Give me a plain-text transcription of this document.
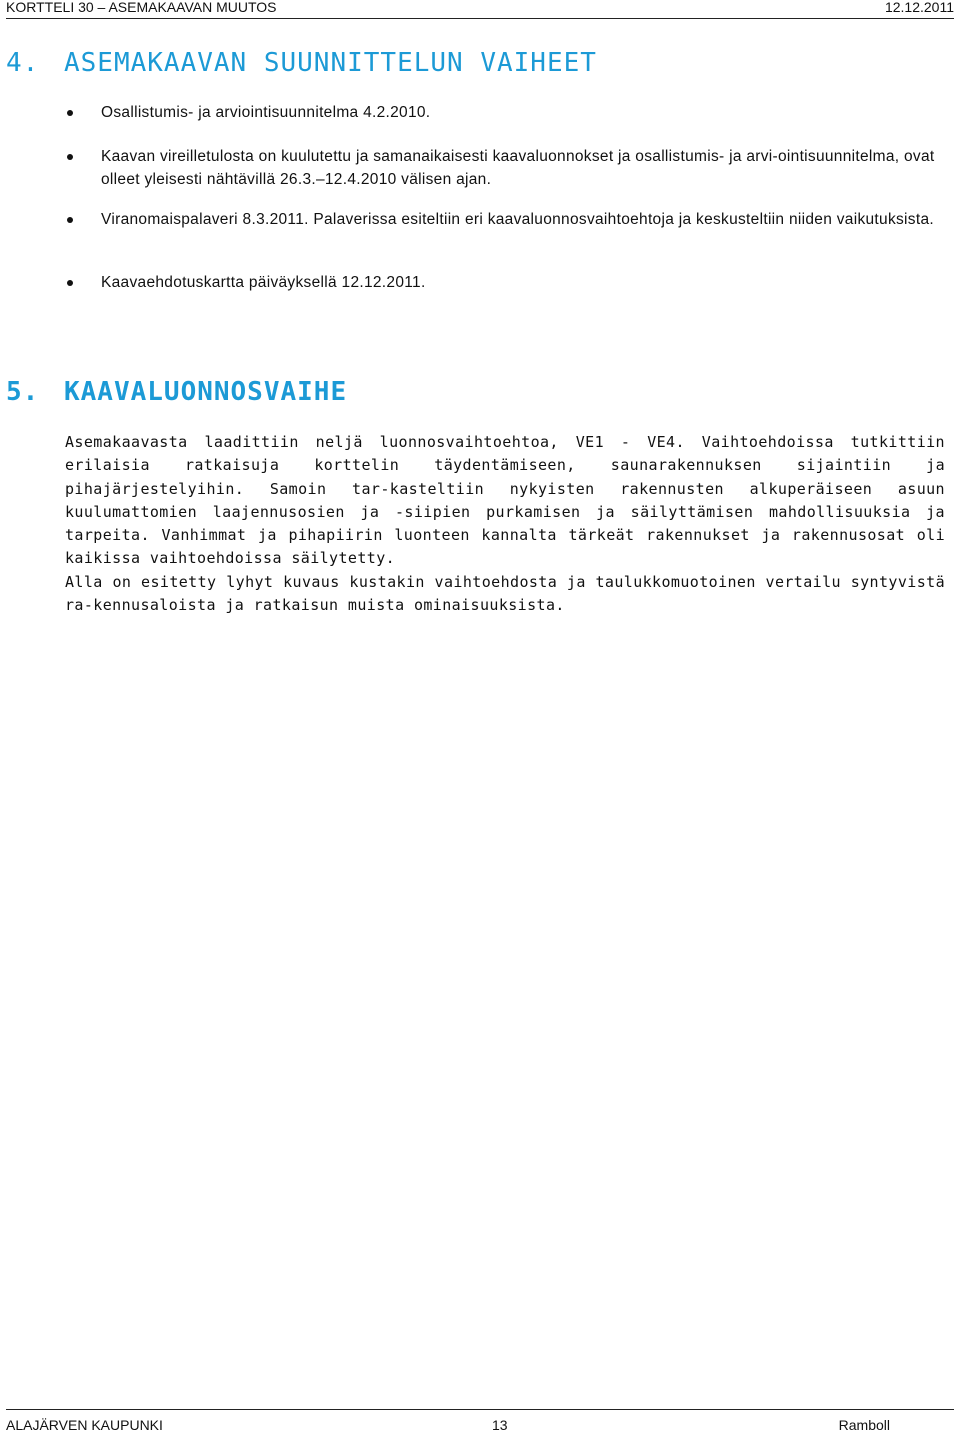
KORTTELI 30 – ASEMAKAAVAN MUUTOS	12.12.2011
4. ASEMAKAAVAN SUUNNITTELUN VAIHEET
Osallistumis- ja arviointisuunnitelma 4.2.2010.
Kaavan vireilletulosta on kuulutettu ja samanaikaisesti kaavaluonnokset ja osallistumis- ja arvi-ointisuunnitelma, ovat olleet yleisesti nähtävillä 26.3.–12.4.2010 välisen ajan.
Viranomaispalaveri 8.3.2011. Palaverissa esiteltiin eri kaavaluonnosvaihtoehtoja ja keskusteltiin niiden vaikutuksista.
Kaavaehdotuskartta päiväyksellä 12.12.2011.
5. KAAVALUONNOSVAIHE

Asemakaavasta laadittiin neljä luonnosvaihtoehtoa, VE1 - VE4. Vaihtoehdoissa tutkittiin erilaisia ratkaisuja korttelin täydentämiseen, saunarakennuksen sijaintiin ja pihajärjestelyihin. Samoin tar-kasteltiin nykyisten rakennusten alkuperäiseen asuun kuulumattomien laajennusosien ja -siipien purkamisen ja säilyttämisen mahdollisuuksia ja tarpeita. Vanhimmat ja pihapiirin luonteen kannalta tärkeät rakennukset ja rakennusosat oli kaikissa vaihtoehdoissa säilytetty.

Alla on esitetty lyhyt kuvaus kustakin vaihtoehdosta ja taulukkomuotoinen vertailu syntyvistä ra-kennusaloista ja ratkaisun muista ominaisuuksista.

ALAJÄRVEN KAUPUNKI	13	Ramboll
